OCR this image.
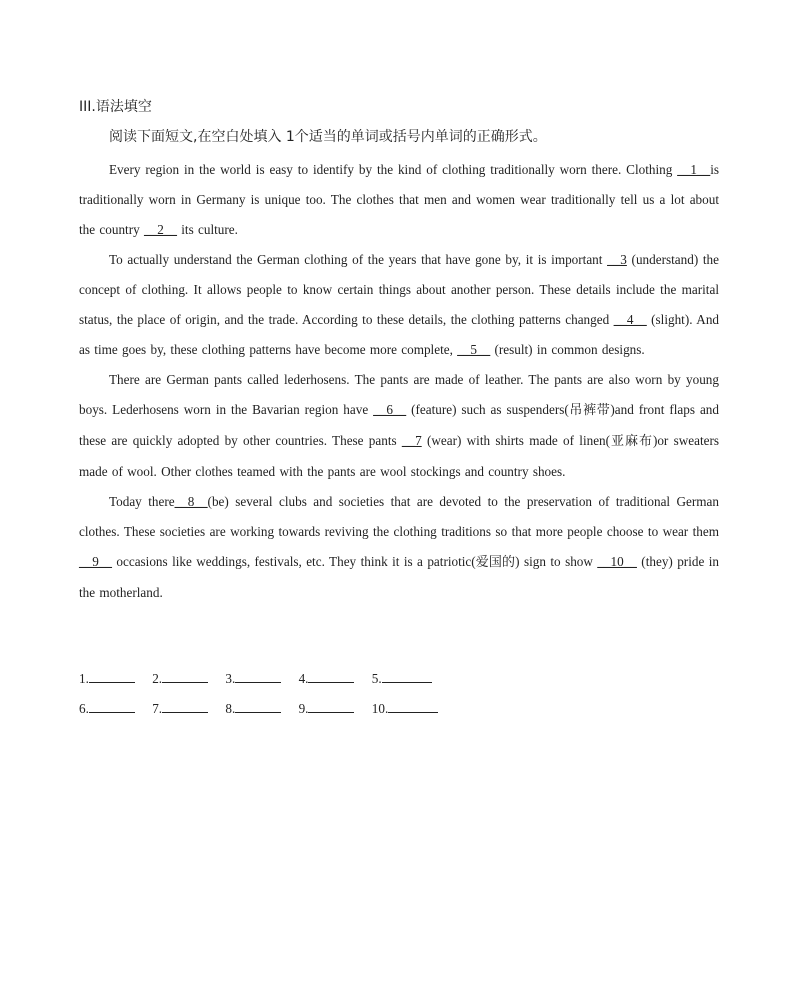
III.语法填空
阅读下面短文,在空白处填入 1个适当的单词或括号内单词的正确形式。

Every region in the world is easy to identify by the kind of clothing traditionally worn there. Clothing __1__is traditionally worn in Germany is unique too. The clothes that men and women wear traditionally tell us a lot about the country __2__ its culture.

To actually understand the German clothing of the years that have gone by, it is important __3 (understand) the concept of clothing. It allows people to know certain things about another person. These details include the marital status, the place of origin, and the trade. According to these details, the clothing patterns changed __4__ (slight). And as time goes by, these clothing patterns have become more complete, __5__ (result) in common designs.

There are German pants called lederhosens. The pants are made of leather. The pants are also worn by young boys. Lederhosens worn in the Bavarian region have __6__ (feature) such as suspenders(吊裤带)and front flaps and these are quickly adopted by other countries. These pants __7 (wear) with shirts made of linen(亚麻布)or sweaters made of wool. Other clothes teamed with the pants are wool stockings and country shoes.

Today there__8__(be) several clubs and societies that are devoted to the preservation of traditional German clothes. These societies are working towards reviving the clothing traditions so that more people choose to wear them __9__ occasions like weddings, festivals, etc. They think it is a patriotic(爱国的) sign to show __10__ (they) pride in the motherland.

1.	2.	3.	4.	5.
6.	7.	8.	9.	10.
